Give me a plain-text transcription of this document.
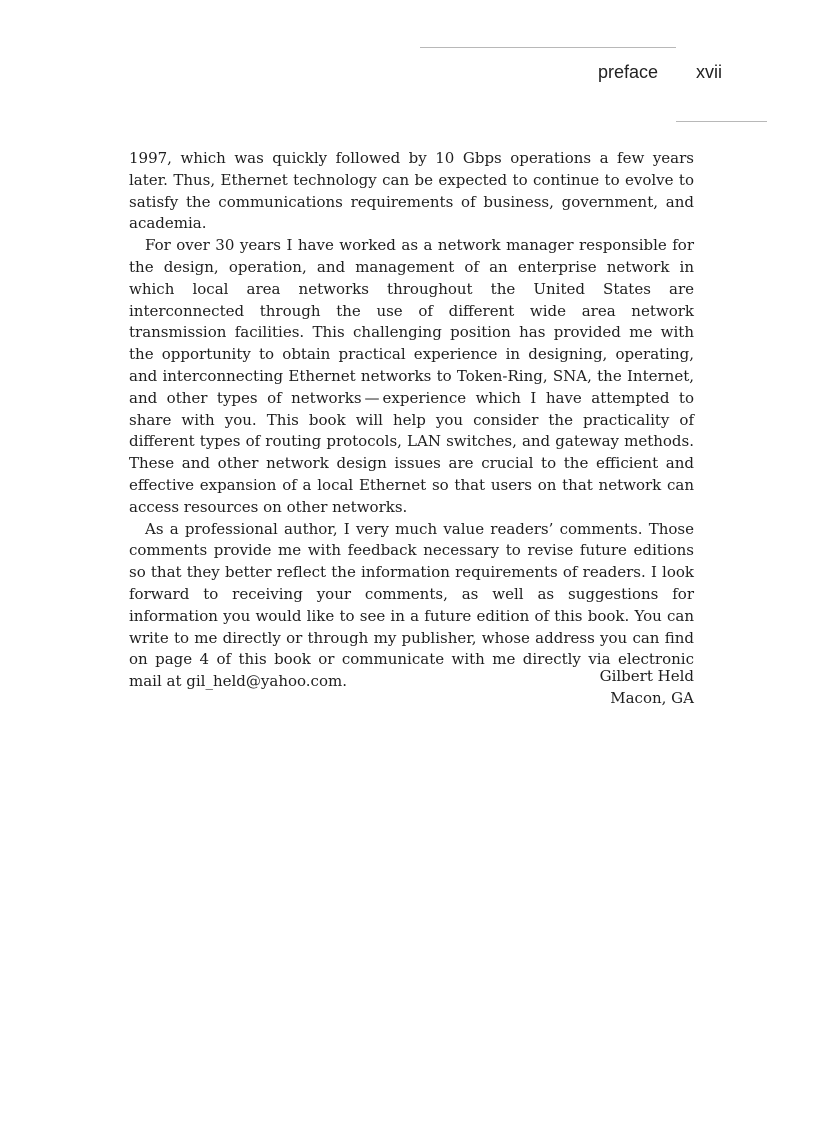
preface xvii

1997, which was quickly followed by 10 Gbps operations a few years later. Thus, Ethernet technology can be expected to continue to evolve to satisfy the communications requirements of business, government, and academia.

For over 30 years I have worked as a network manager responsible for the design, operation, and management of an enterprise network in which local area networks throughout the United States are interconnected through the use of different wide area network transmission facilities. This challenging position has provided me with the opportunity to obtain practical experience in designing, operating, and interconnecting Ethernet networks to Token-Ring, SNA, the Internet, and other types of networks — experience which I have attempted to share with you. This book will help you consider the practicality of different types of routing protocols, LAN switches, and gateway methods. These and other network design issues are crucial to the efficient and effective expansion of a local Ethernet so that users on that network can access resources on other networks.

As a professional author, I very much value readers’ comments. Those comments provide me with feedback necessary to revise future editions so that they better reflect the information requirements of readers. I look forward to receiving your comments, as well as suggestions for information you would like to see in a future edition of this book. You can write to me directly or through my publisher, whose address you can find on page 4 of this book or communicate with me directly via electronic mail at gil_held@yahoo.com.	Gilbert Held
Macon, GA
